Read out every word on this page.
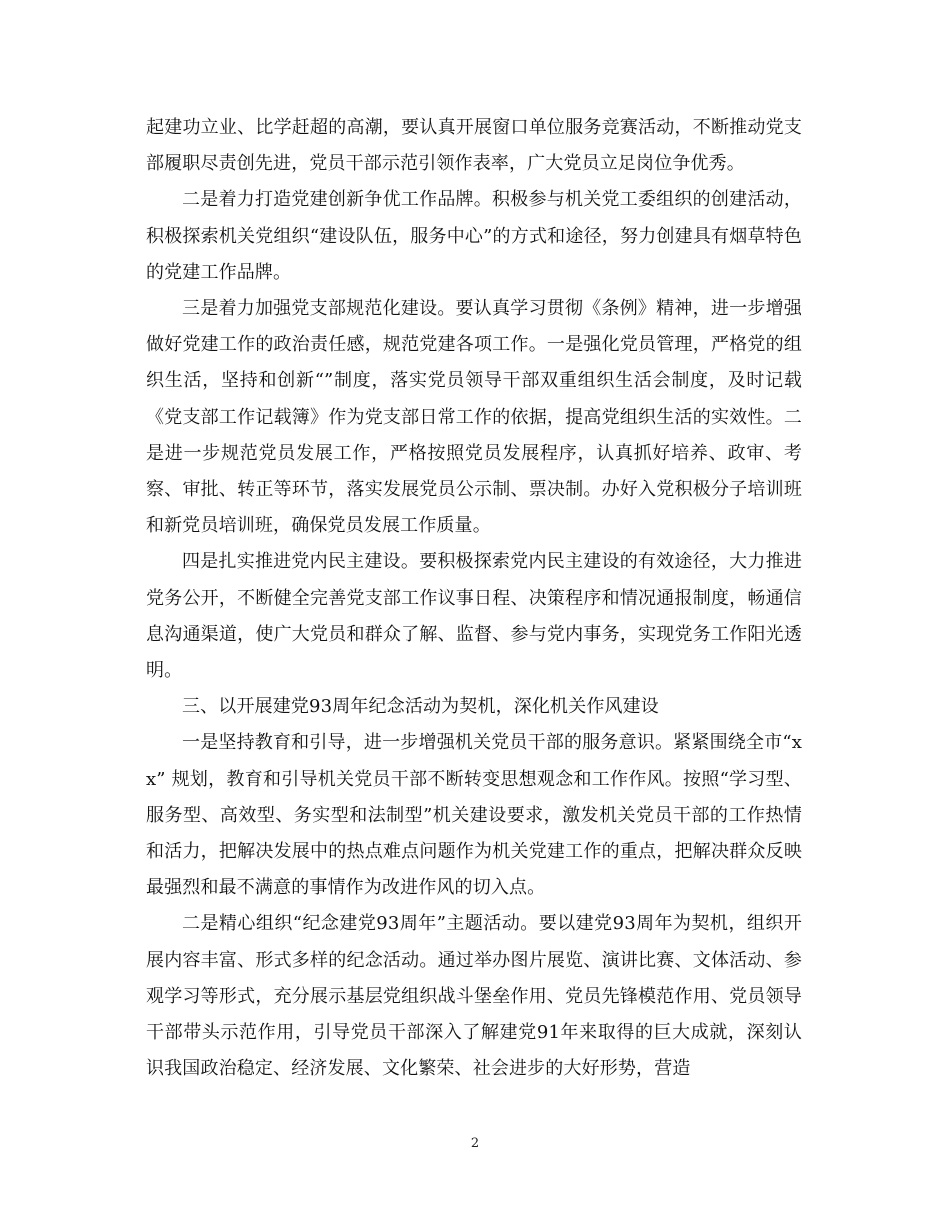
起建功立业、比学赶超的高潮，要认真开展窗口单位服务竞赛活动，不断推动党支部履职尽责创先进，党员干部示范引领作表率，广大党员立足岗位争优秀。

二是着力打造党建创新争优工作品牌。积极参与机关党工委组织的创建活动，积极探索机关党组织“建设队伍，服务中心”的方式和途径，努力创建具有烟草特色的党建工作品牌。

三是着力加强党支部规范化建设。要认真学习贯彻《条例》精神，进一步增强做好党建工作的政治责任感，规范党建各项工作。一是强化党员管理，严格党的组织生活，坚持和创新“”制度，落实党员领导干部双重组织生活会制度，及时记载《党支部工作记载簿》作为党支部日常工作的依据，提高党组织生活的实效性。二是进一步规范党员发展工作，严格按照党员发展程序，认真抓好培养、政审、考察、审批、转正等环节，落实发展党员公示制、票决制。办好入党积极分子培训班和新党员培训班，确保党员发展工作质量。

四是扎实推进党内民主建设。要积极探索党内民主建设的有效途径，大力推进党务公开，不断健全完善党支部工作议事日程、决策程序和情况通报制度，畅通信息沟通渠道，使广大党员和群众了解、监督、参与党内事务，实现党务工作阳光透明。

三、以开展建党93周年纪念活动为契机，深化机关作风建设

一是坚持教育和引导，进一步增强机关党员干部的服务意识。紧紧围绕全市“xx” 规划，教育和引导机关党员干部不断转变思想观念和工作作风。按照“学习型、服务型、高效型、务实型和法制型”机关建设要求，激发机关党员干部的工作热情和活力，把解决发展中的热点难点问题作为机关党建工作的重点，把解决群众反映最强烈和最不满意的事情作为改进作风的切入点。

二是精心组织“纪念建党93周年”主题活动。要以建党93周年为契机，组织开展内容丰富、形式多样的纪念活动。通过举办图片展览、演讲比赛、文体活动、参观学习等形式，充分展示基层党组织战斗堡垒作用、党员先锋模范作用、党员领导干部带头示范作用，引导党员干部深入了解建党91年来取得的巨大成就，深刻认识我国政治稳定、经济发展、文化繁荣、社会进步的大好形势，营造

2
